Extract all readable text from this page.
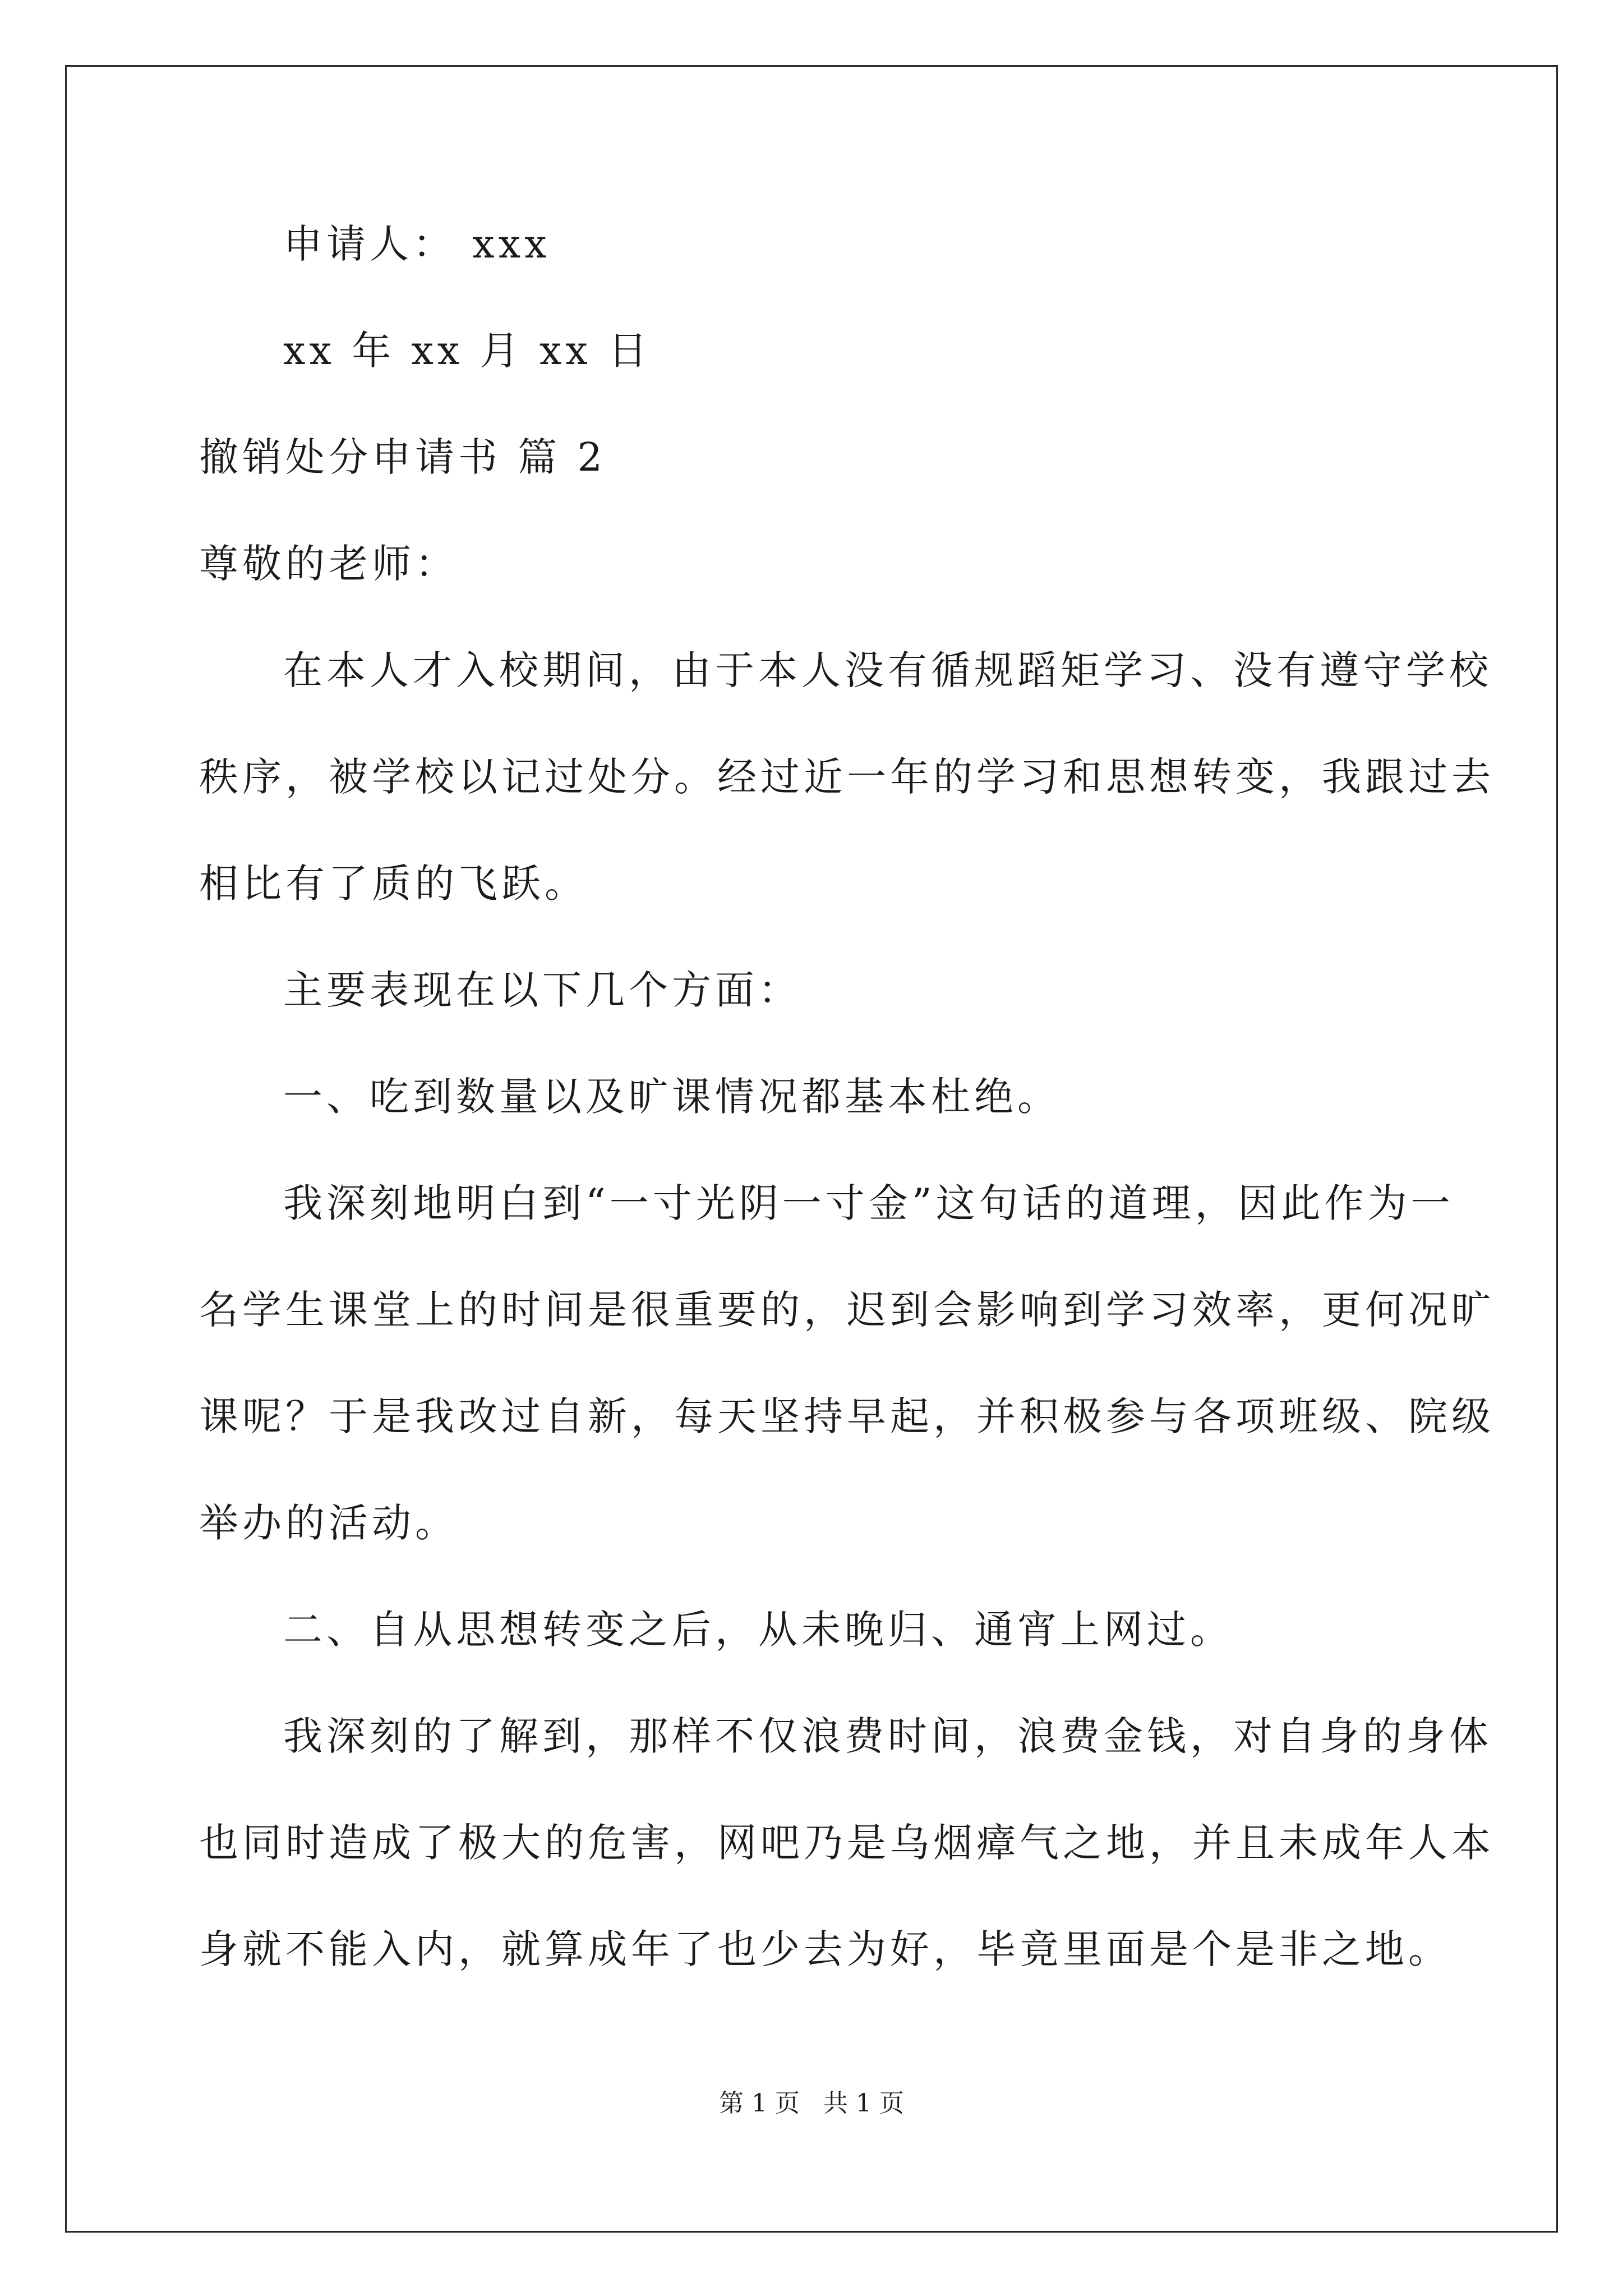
申请人： xxx
xx 年 xx 月 xx 日
撤销处分申请书 篇 2
尊敬的老师：
在本人才入校期间，由于本人没有循规蹈矩学习、没有遵守学校
秩序，被学校以记过处分。经过近一年的学习和思想转变，我跟过去
相比有了质的飞跃。
主要表现在以下几个方面：
一、吃到数量以及旷课情况都基本杜绝。
我深刻地明白到“一寸光阴一寸金”这句话的道理，因此作为一
名学生课堂上的时间是很重要的，迟到会影响到学习效率，更何况旷
课呢？于是我改过自新，每天坚持早起，并积极参与各项班级、院级
举办的活动。
二、自从思想转变之后，从未晚归、通宵上网过。
我深刻的了解到，那样不仅浪费时间，浪费金钱，对自身的身体
也同时造成了极大的危害，网吧乃是乌烟瘴气之地，并且未成年人本
身就不能入内，就算成年了也少去为好，毕竟里面是个是非之地。
第 1 页 共 1 页
